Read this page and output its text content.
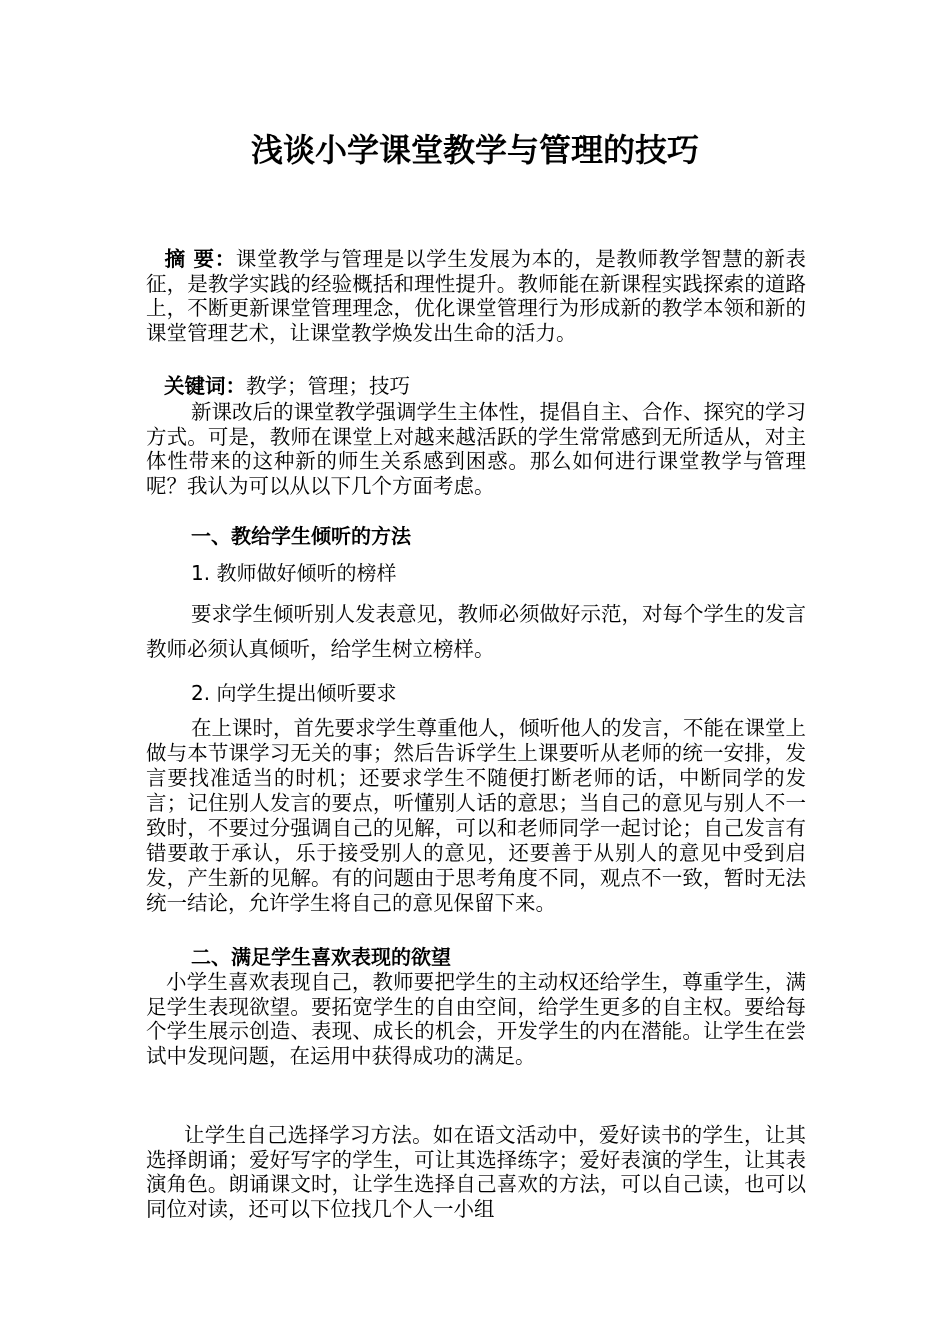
浅谈小学课堂教学与管理的技巧

摘 要：课堂教学与管理是以学生发展为本的，是教师教学智慧的新表征，是教学实践的经验概括和理性提升。教师能在新课程实践探索的道路上，不断更新课堂管理理念，优化课堂管理行为形成新的教学本领和新的课堂管理艺术，让课堂教学焕发出生命的活力。

关键词：教学；管理；技巧

新课改后的课堂教学强调学生主体性，提倡自主、合作、探究的学习方式。可是，教师在课堂上对越来越活跃的学生常常感到无所适从，对主体性带来的这种新的师生关系感到困惑。那么如何进行课堂教学与管理呢？我认为可以从以下几个方面考虑。

一、教给学生倾听的方法
1. 教师做好倾听的榜样

要求学生倾听别人发表意见，教师必须做好示范，对每个学生的发言教师必须认真倾听，给学生树立榜样。

2. 向学生提出倾听要求

在上课时，首先要求学生尊重他人，倾听他人的发言，不能在课堂上做与本节课学习无关的事；然后告诉学生上课要听从老师的统一安排，发言要找准适当的时机；还要求学生不随便打断老师的话，中断同学的发言；记住别人发言的要点，听懂别人话的意思；当自己的意见与别人不一致时，不要过分强调自己的见解，可以和老师同学一起讨论；自己发言有错要敢于承认，乐于接受别人的意见，还要善于从别人的意见中受到启发，产生新的见解。有的问题由于思考角度不同，观点不一致，暂时无法统一结论，允许学生将自己的意见保留下来。

二、满足学生喜欢表现的欲望

小学生喜欢表现自己，教师要把学生的主动权还给学生，尊重学生，满足学生表现欲望。要拓宽学生的自由空间，给学生更多的自主权。要给每个学生展示创造、表现、成长的机会，开发学生的内在潜能。让学生在尝试中发现问题，在运用中获得成功的满足。

让学生自己选择学习方法。如在语文活动中，爱好读书的学生，让其选择朗诵；爱好写字的学生，可让其选择练字；爱好表演的学生，让其表演角色。朗诵课文时，让学生选择自己喜欢的方法，可以自己读，也可以同位对读，还可以下位找几个人一小组
